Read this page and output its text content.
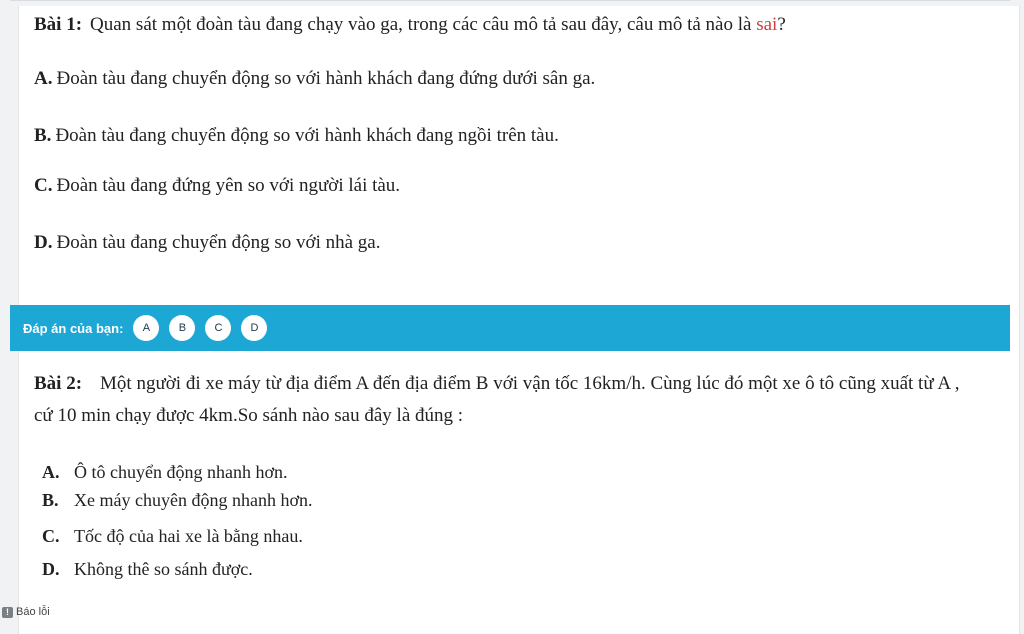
Bài 1: Quan sát một đoàn tàu đang chạy vào ga, trong các câu mô tả sau đây, câu mô tả nào là sai?
A. Đoàn tàu đang chuyển động so với hành khách đang đứng dưới sân ga.
B. Đoàn tàu đang chuyển động so với hành khách đang ngồi trên tàu.
C. Đoàn tàu đang đứng yên so với người lái tàu.
D. Đoàn tàu đang chuyển động so với nhà ga.
Đáp án của bạn:	A	B	C	D
Bài 2: Một người đi xe máy từ địa điểm A đến địa điểm B với vận tốc 16km/h. Cùng lúc đó một xe ô tô cũng xuất từ A , cứ 10 min chạy được 4km.So sánh nào sau đây là đúng :
A. Ô tô chuyển động nhanh hơn.
B. Xe máy chuyên động nhanh hơn.
C. Tốc độ của hai xe là bằng nhau.
D. Không thê so sánh được.
! Báo lỗi
